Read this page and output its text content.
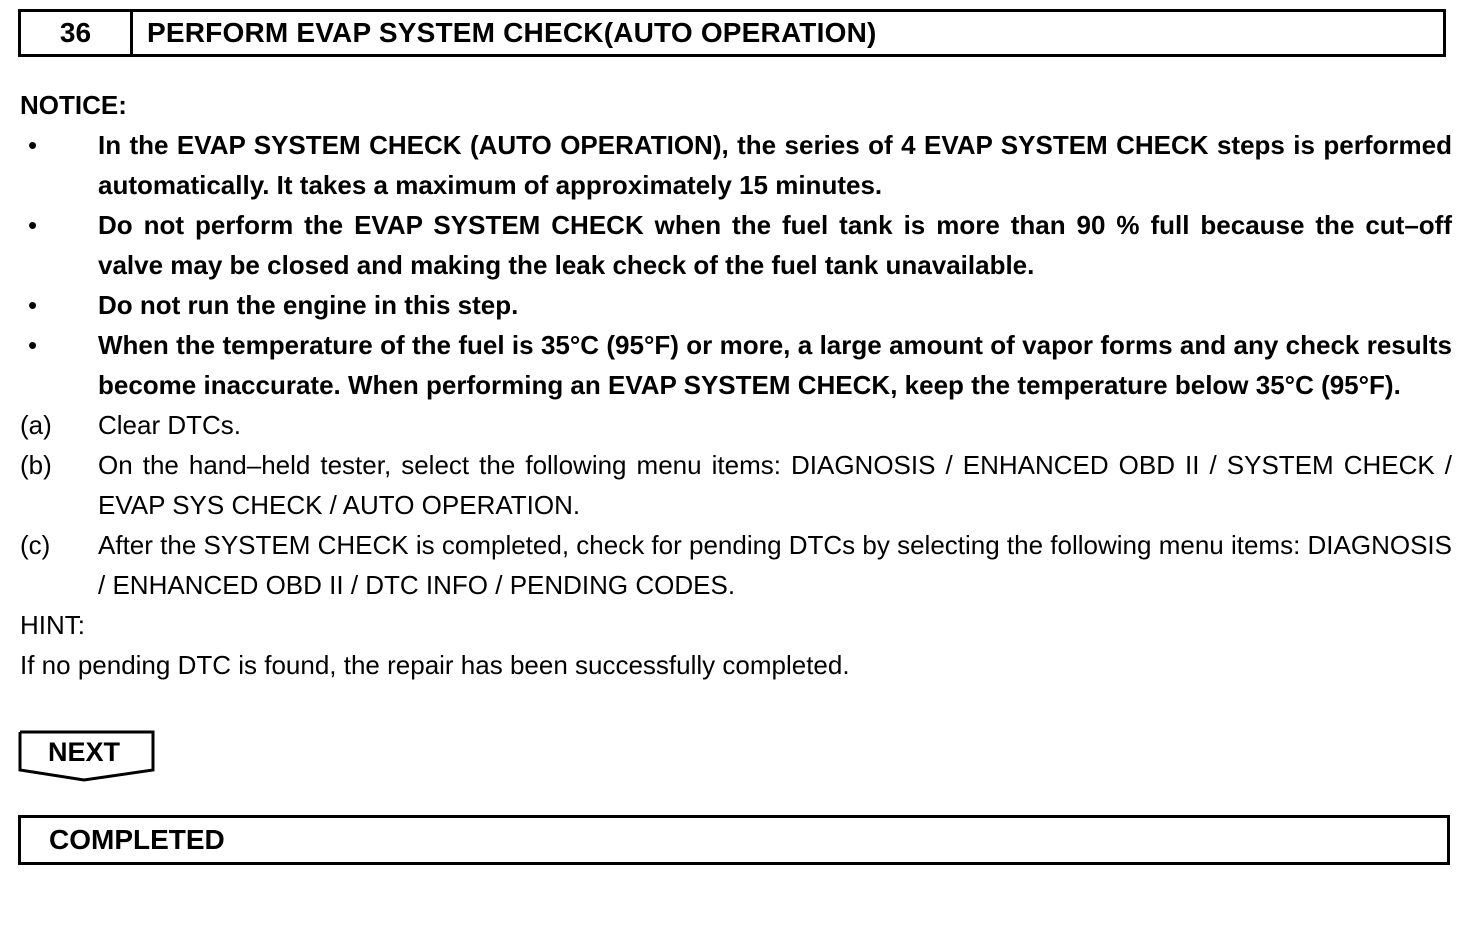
36	PERFORM EVAP SYSTEM CHECK(AUTO OPERATION)
NOTICE:
•	In the EVAP SYSTEM CHECK (AUTO OPERATION), the series of 4 EVAP SYSTEM CHECK steps is performed automatically. It takes a maximum of approximately 15 minutes.
•	Do not perform the EVAP SYSTEM CHECK when the fuel tank is more than 90 % full because the cut–off valve may be closed and making the leak check of the fuel tank unavailable.
•	Do not run the engine in this step.
•	When the temperature of the fuel is 35°C (95°F) or more, a large amount of vapor forms and any check results become inaccurate. When performing an EVAP SYSTEM CHECK, keep the temperature below 35°C (95°F).
(a)	Clear DTCs.
(b)	On the hand–held tester, select the following menu items: DIAGNOSIS / ENHANCED OBD II / SYSTEM CHECK / EVAP SYS CHECK / AUTO OPERATION.
(c)	After the SYSTEM CHECK is completed, check for pending DTCs by selecting the following menu items: DIAGNOSIS / ENHANCED OBD II / DTC INFO / PENDING CODES.
HINT:
If no pending DTC is found, the repair has been successfully completed.
NEXT
COMPLETED
